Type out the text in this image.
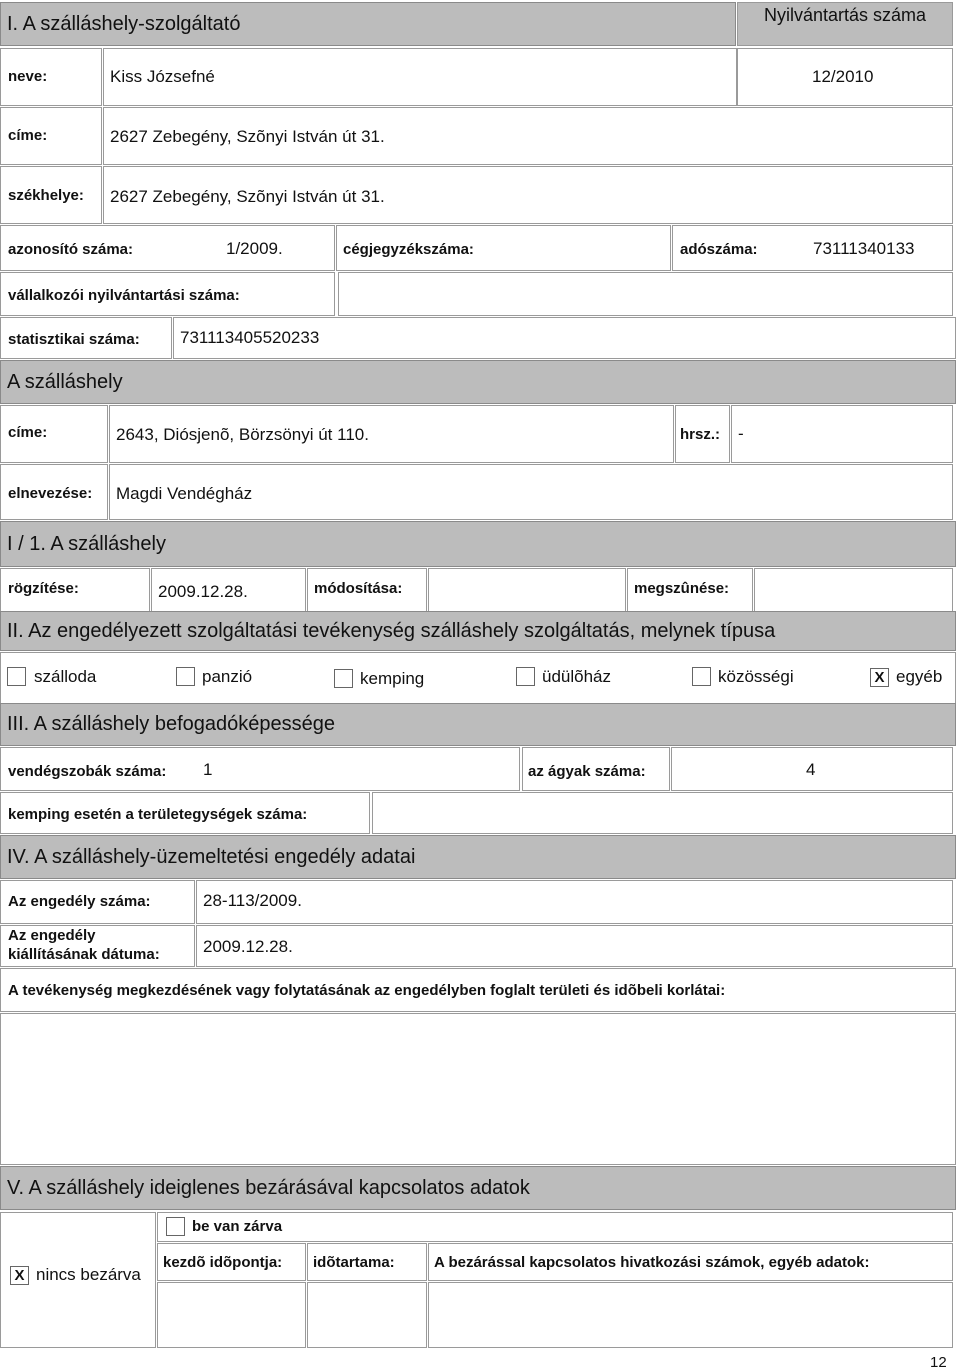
I. A szálláshely-szolgáltató	Nyilvántartás száma
neve:	Kiss Józsefné	12/2010
címe:	2627 Zebegény, Szõnyi István út 31.
székhelye: 2627 Zebegény, Szõnyi István út 31.
azonosító száma:	1/2009.	cégjegyzékszáma:	adószáma:	73111340133
vállalkozói nyilvántartási száma:
statisztikai száma: 731113405520233
A szálláshely
címe:	2643, Diósjenõ, Börzsönyi út 110.	hrsz.: -
elnevezése: Magdi Vendégház
I / 1. A szálláshely
rögzítése:	2009.12.28.	módosítása:	megszûnése:
II. Az engedélyezett szolgáltatási tevékenység szálláshely szolgáltatás, melynek típusa
szálloda	panzió	kemping	üdülõház	közösségi	X egyéb
III. A szálláshely befogadóképessége
vendégszobák száma: 1	az ágyak száma:	4
kemping esetén a területegységek száma:
IV. A szálláshely-üzemeltetési engedély adatai
Az engedély száma:	28-113/2009.
Az engedély
kiállításának dátuma:	2009.12.28.
A tevékenység megkezdésének vagy folytatásának az engedélyben foglalt területi és idõbeli korlátai:
V. A szálláshely ideiglenes bezárásával kapcsolatos adatok
X nincs bezárva
be van zárva
kezdõ idõpontja: idõtartama:	A bezárással kapcsolatos hivatkozási számok, egyéb adatok:
12
